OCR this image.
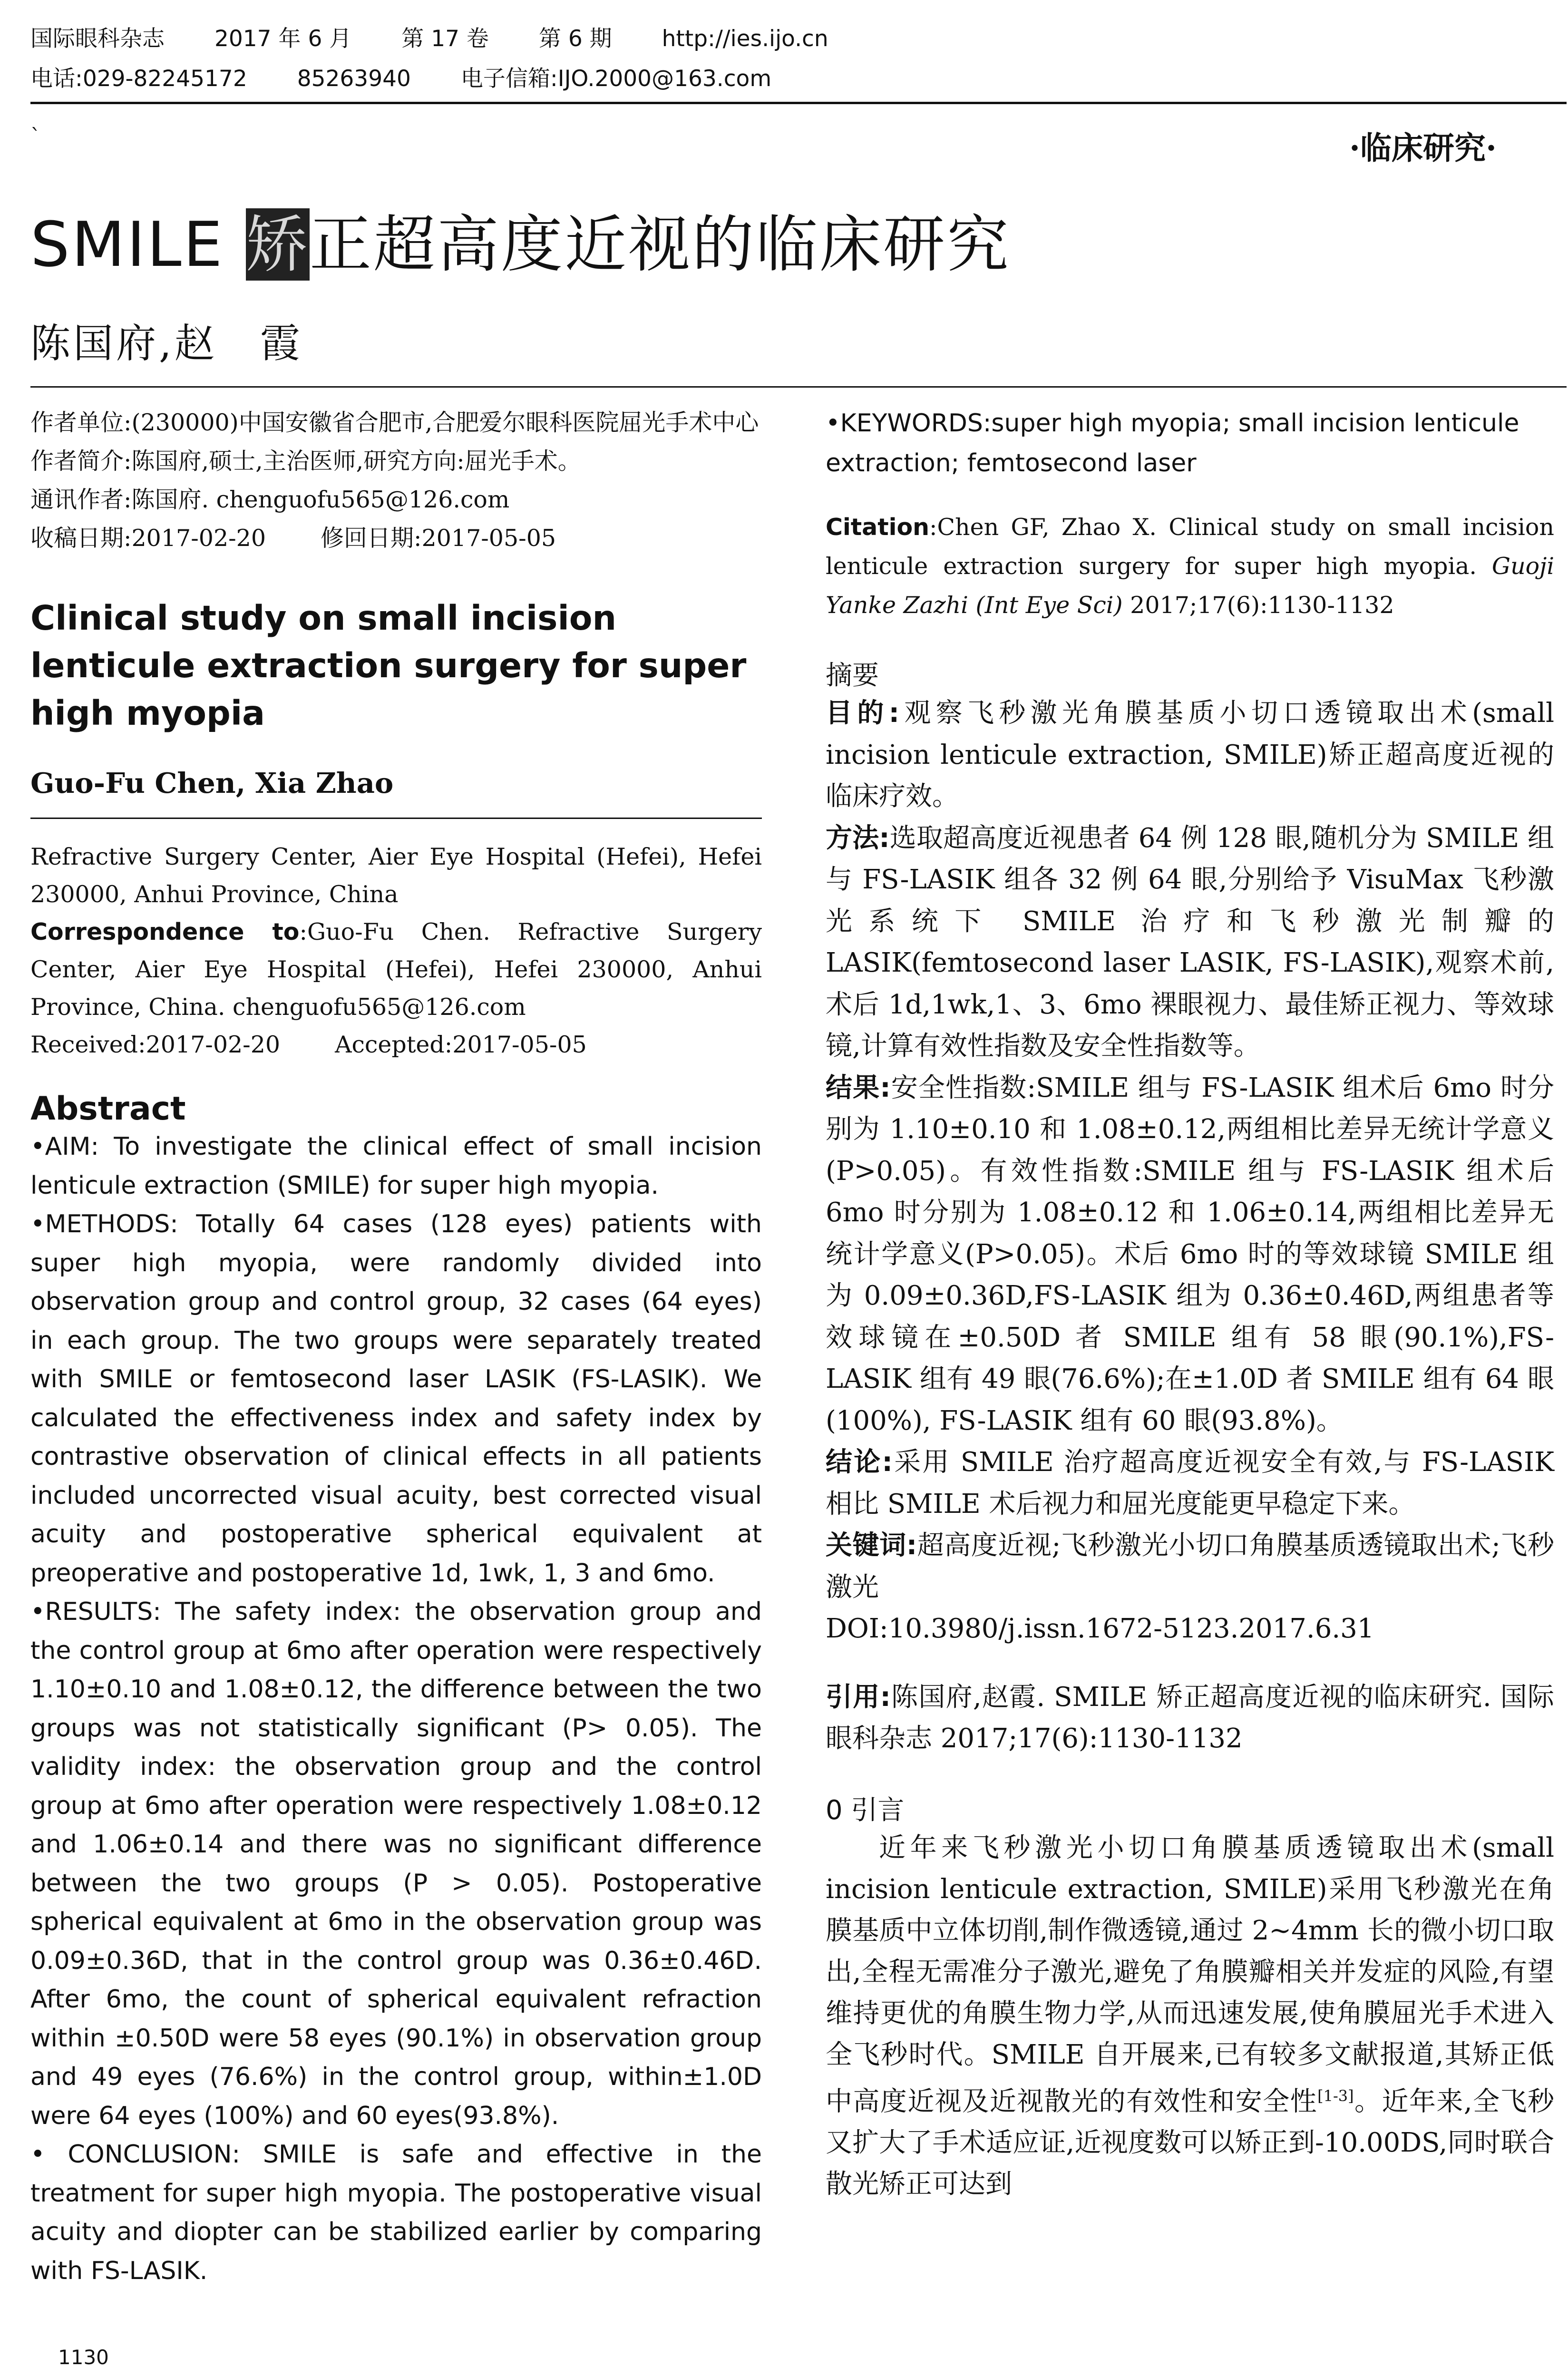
国际眼科杂志 2017 年 6 月 第 17 卷 第 6 期 http://ies.ijo.cn
电话:029-82245172 85263940 电子信箱:IJO.2000@163.com
`	·临床研究·
SMILE 矫正超高度近视的临床研究
陈国府,赵　霞

作者单位:(230000)中国安徽省合肥市,合肥爱尔眼科医院屈光手术中心

作者简介:陈国府,硕士,主治医师,研究方向:屈光手术。

通讯作者:陈国府. chenguofu565@126.com

收稿日期:2017-02-20 修回日期:2017-05-05

Clinical study on small incision lenticule extraction surgery for super high myopia
Guo-Fu Chen, Xia Zhao

Refractive Surgery Center, Aier Eye Hospital (Hefei), Hefei 230000, Anhui Province, China

Correspondence to:Guo-Fu Chen. Refractive Surgery Center, Aier Eye Hospital (Hefei), Hefei 230000, Anhui Province, China. chenguofu565@126.com

Received:2017-02-20 Accepted:2017-05-05

Abstract

•AIM: To investigate the clinical effect of small incision lenticule extraction (SMILE) for super high myopia.

•METHODS: Totally 64 cases (128 eyes) patients with super high myopia, were randomly divided into observation group and control group, 32 cases (64 eyes) in each group. The two groups were separately treated with SMILE or femtosecond laser LASIK (FS-LASIK). We calculated the effectiveness index and safety index by contrastive observation of clinical effects in all patients included uncorrected visual acuity, best corrected visual acuity and postoperative spherical equivalent at preoperative and postoperative 1d, 1wk, 1, 3 and 6mo.

•RESULTS: The safety index: the observation group and the control group at 6mo after operation were respectively 1.10±0.10 and 1.08±0.12, the difference between the two groups was not statistically significant (P> 0.05). The validity index: the observation group and the control group at 6mo after operation were respectively 1.08±0.12 and 1.06±0.14 and there was no significant difference between the two groups (P > 0.05). Postoperative spherical equivalent at 6mo in the observation group was 0.09±0.36D, that in the control group was 0.36±0.46D. After 6mo, the count of spherical equivalent refraction within ±0.50D were 58 eyes (90.1%) in observation group and 49 eyes (76.6%) in the control group, within±1.0D were 64 eyes (100%) and 60 eyes(93.8%).

• CONCLUSION: SMILE is safe and effective in the treatment for super high myopia. The postoperative visual acuity and diopter can be stabilized earlier by comparing with FS-LASIK.

•KEYWORDS:super high myopia; small incision lenticule extraction; femtosecond laser
Citation:Chen GF, Zhao X. Clinical study on small incision lenticule extraction surgery for super high myopia. Guoji Yanke Zazhi (Int Eye Sci) 2017;17(6):1130-1132
摘要

目的:观察飞秒激光角膜基质小切口透镜取出术(small incision lenticule extraction, SMILE)矫正超高度近视的临床疗效。

方法:选取超高度近视患者 64 例 128 眼,随机分为 SMILE 组与 FS-LASIK 组各 32 例 64 眼,分别给予 VisuMax 飞秒激光系统下 SMILE 治疗和飞秒激光制瓣的 LASIK(femtosecond laser LASIK, FS-LASIK),观察术前,术后 1d,1wk,1、3、6mo 裸眼视力、最佳矫正视力、等效球镜,计算有效性指数及安全性指数等。

结果:安全性指数:SMILE 组与 FS-LASIK 组术后 6mo 时分别为 1.10±0.10 和 1.08±0.12,两组相比差异无统计学意义(P>0.05)。有效性指数:SMILE 组与 FS-LASIK 组术后6mo 时分别为 1.08±0.12 和 1.06±0.14,两组相比差异无统计学意义(P>0.05)。术后 6mo 时的等效球镜 SMILE 组为 0.09±0.36D,FS-LASIK 组为 0.36±0.46D,两组患者等效球镜在±0.50D 者 SMILE 组有 58 眼(90.1%),FS-LASIK 组有 49 眼(76.6%);在±1.0D 者 SMILE 组有 64 眼(100%), FS-LASIK 组有 60 眼(93.8%)。

结论:采用 SMILE 治疗超高度近视安全有效,与 FS-LASIK 相比 SMILE 术后视力和屈光度能更早稳定下来。

关键词:超高度近视;飞秒激光小切口角膜基质透镜取出术;飞秒激光

DOI:10.3980/j.issn.1672-5123.2017.6.31

引用:陈国府,赵霞. SMILE 矫正超高度近视的临床研究. 国际眼科杂志 2017;17(6):1130-1132
0 引言

近年来飞秒激光小切口角膜基质透镜取出术(small incision lenticule extraction, SMILE)采用飞秒激光在角膜基质中立体切削,制作微透镜,通过 2~4mm 长的微小切口取出,全程无需准分子激光,避免了角膜瓣相关并发症的风险,有望维持更优的角膜生物力学,从而迅速发展,使角膜屈光手术进入全飞秒时代。SMILE 自开展来,已有较多文献报道,其矫正低中高度近视及近视散光的有效性和安全性[1-3]。近年来,全飞秒又扩大了手术适应证,近视度数可以矫正到-10.00DS,同时联合散光矫正可达到

1130
